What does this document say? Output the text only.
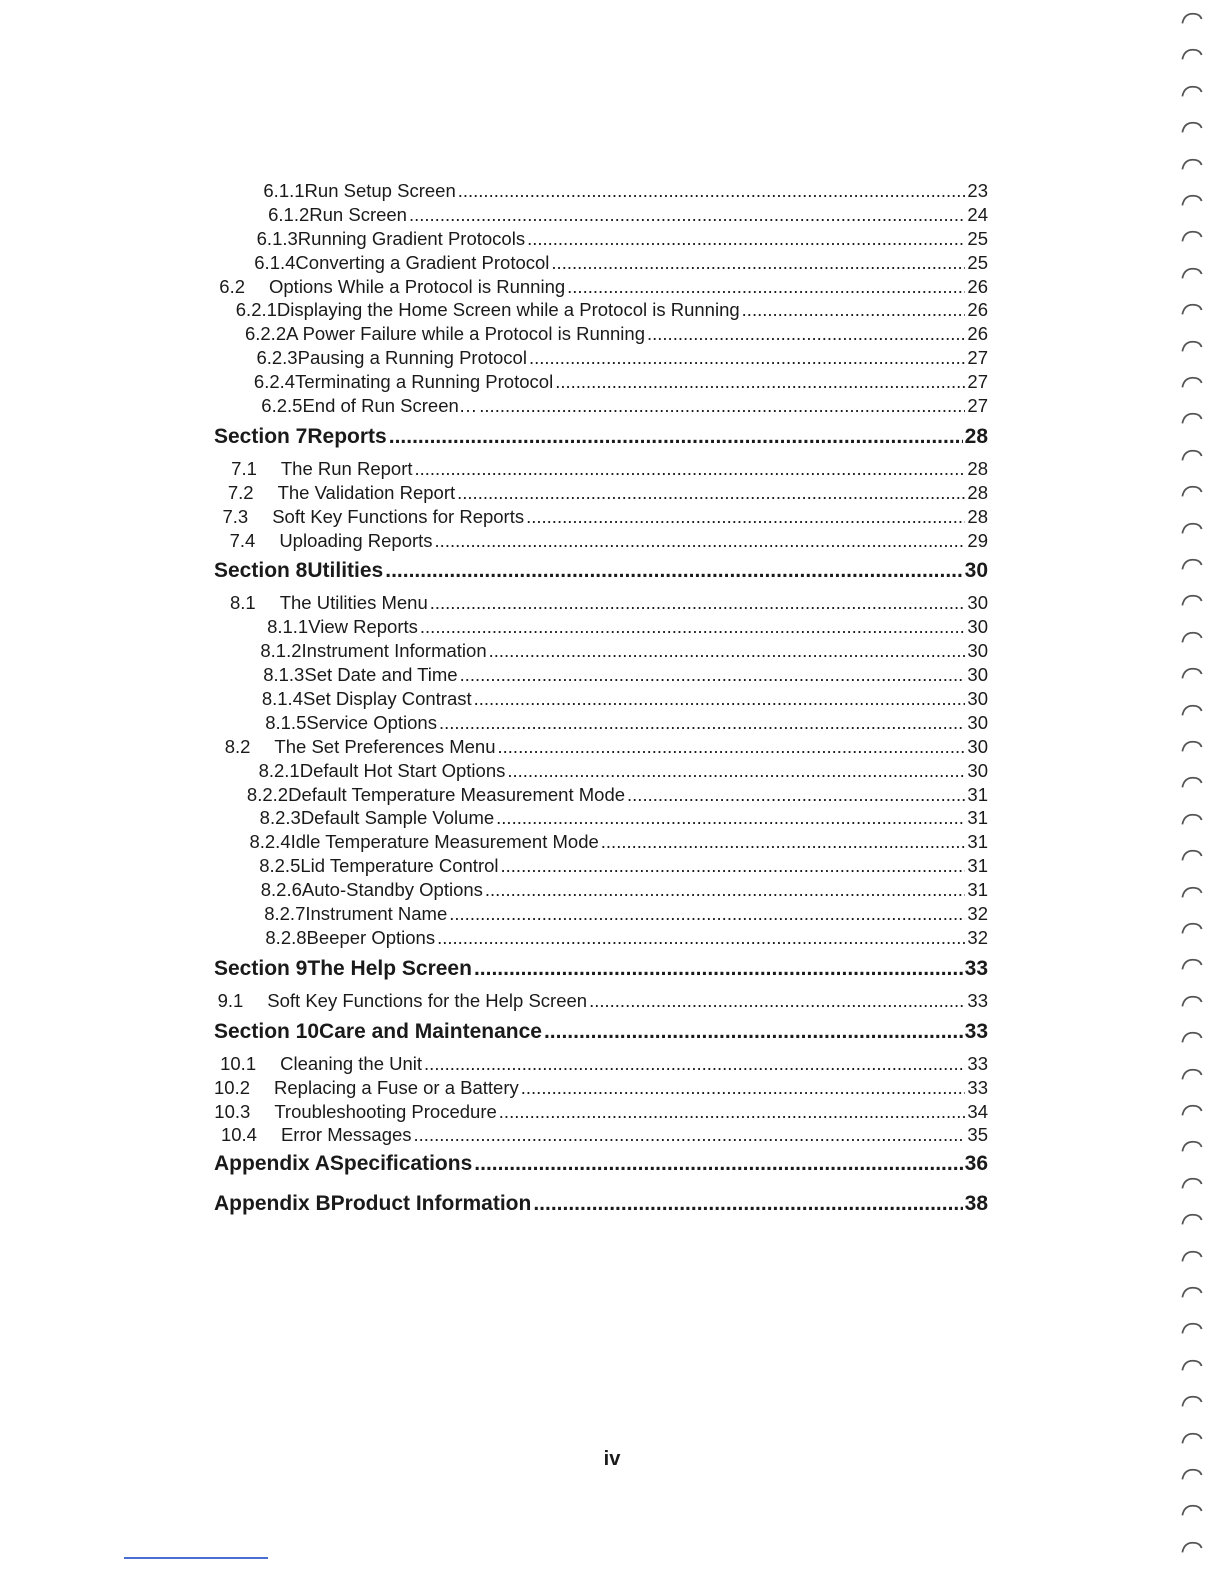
6.1.1 Run Setup Screen .....	23
6.1.2 Run Screen .....	24
6.1.3 Running Gradient Protocols .....	25
6.1.4 Converting a Gradient Protocol .....	25
6.2	Options While a Protocol is Running .....	26
6.2.1 Displaying the Home Screen while a Protocol is Running .....	26
6.2.2 A Power Failure while a Protocol is Running .....	26
6.2.3 Pausing a Running Protocol .....	27
6.2.4 Terminating a Running Protocol .....	27
6.2.5 End of Run Screen… .....	27
Section 7 Reports .....	28
7.1	The Run Report .....	28
7.2	The Validation Report .....	28
7.3	Soft Key Functions for Reports .....	28
7.4	Uploading Reports .....	29
Section 8 Utilities .....	30
8.1	The Utilities Menu .....	30
8.1.1 View Reports .....	30
8.1.2 Instrument Information .....	30
8.1.3 Set Date and Time .....	30
8.1.4 Set Display Contrast .....	30
8.1.5 Service Options .....	30
8.2	The Set Preferences Menu .....	30
8.2.1 Default Hot Start Options .....	30
8.2.2 Default Temperature Measurement Mode .....	31
8.2.3 Default Sample Volume .....	31
8.2.4 Idle Temperature Measurement Mode .....	31
8.2.5 Lid Temperature Control .....	31
8.2.6 Auto-Standby Options .....	31
8.2.7 Instrument Name .....	32
8.2.8 Beeper Options .....	32
Section 9 The Help Screen .....	33
9.1	Soft Key Functions for the Help Screen .....	33
Section 10 Care and Maintenance .....	33
10.1	Cleaning the Unit .....	33
10.2	Replacing a Fuse or a Battery .....	33
10.3	Troubleshooting Procedure .....	34
10.4	Error Messages .....	35
Appendix A Specifications .....	36
Appendix B Product Information .....	38
iv
